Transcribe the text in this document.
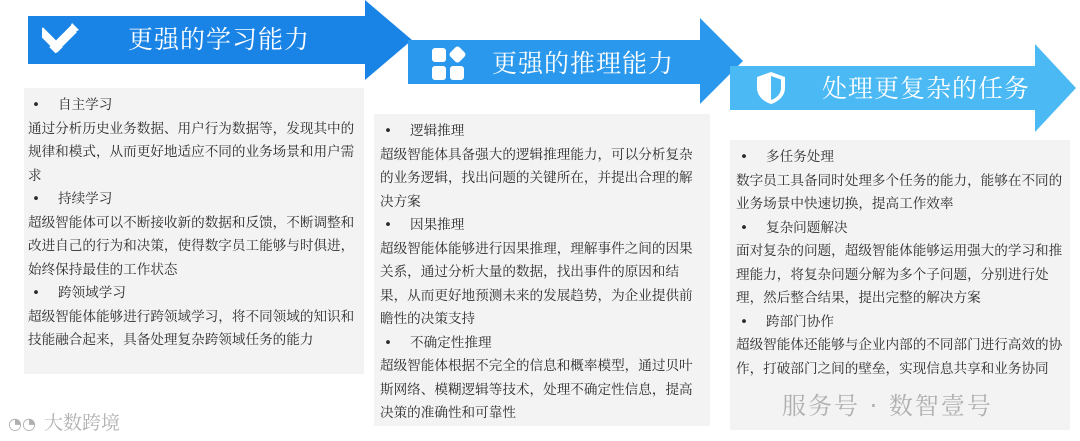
更强的学习能力
更强的推理能力
处理更复杂的任务
•	自主学习
通过分析历史业务数据、用户行为数据等，发现其中的规律和模式，从而更好地适应不同的业务场景和用户需求
•	持续学习
超级智能体可以不断接收新的数据和反馈，不断调整和改进自己的行为和决策，使得数字员工能够与时俱进，始终保持最佳的工作状态
•	跨领域学习
超级智能体能够进行跨领域学习，将不同领域的知识和技能融合起来，具备处理复杂跨领域任务的能力
•	逻辑推理
超级智能体具备强大的逻辑推理能力，可以分析复杂的业务逻辑，找出问题的关键所在，并提出合理的解决方案
•	因果推理
超级智能体能够进行因果推理，理解事件之间的因果关系，通过分析大量的数据，找出事件的原因和结果，从而更好地预测未来的发展趋势，为企业提供前瞻性的决策支持
•	不确定性推理
超级智能体根据不完全的信息和概率模型，通过贝叶斯网络、模糊逻辑等技术，处理不确定性信息，提高决策的准确性和可靠性
•	多任务处理
数字员工具备同时处理多个任务的能力，能够在不同的业务场景中快速切换，提高工作效率
•	复杂问题解决
面对复杂的问题，超级智能体能够运用强大的学习和推理能力，将复杂问题分解为多个子问题，分别进行处理，然后整合结果，提出完整的解决方案
•	跨部门协作
超级智能体还能够与企业内部的不同部门进行高效的协作，打破部门之间的壁垒，实现信息共享和业务协同
服务号 · 数智壹号
◔◔ 大数跨境
